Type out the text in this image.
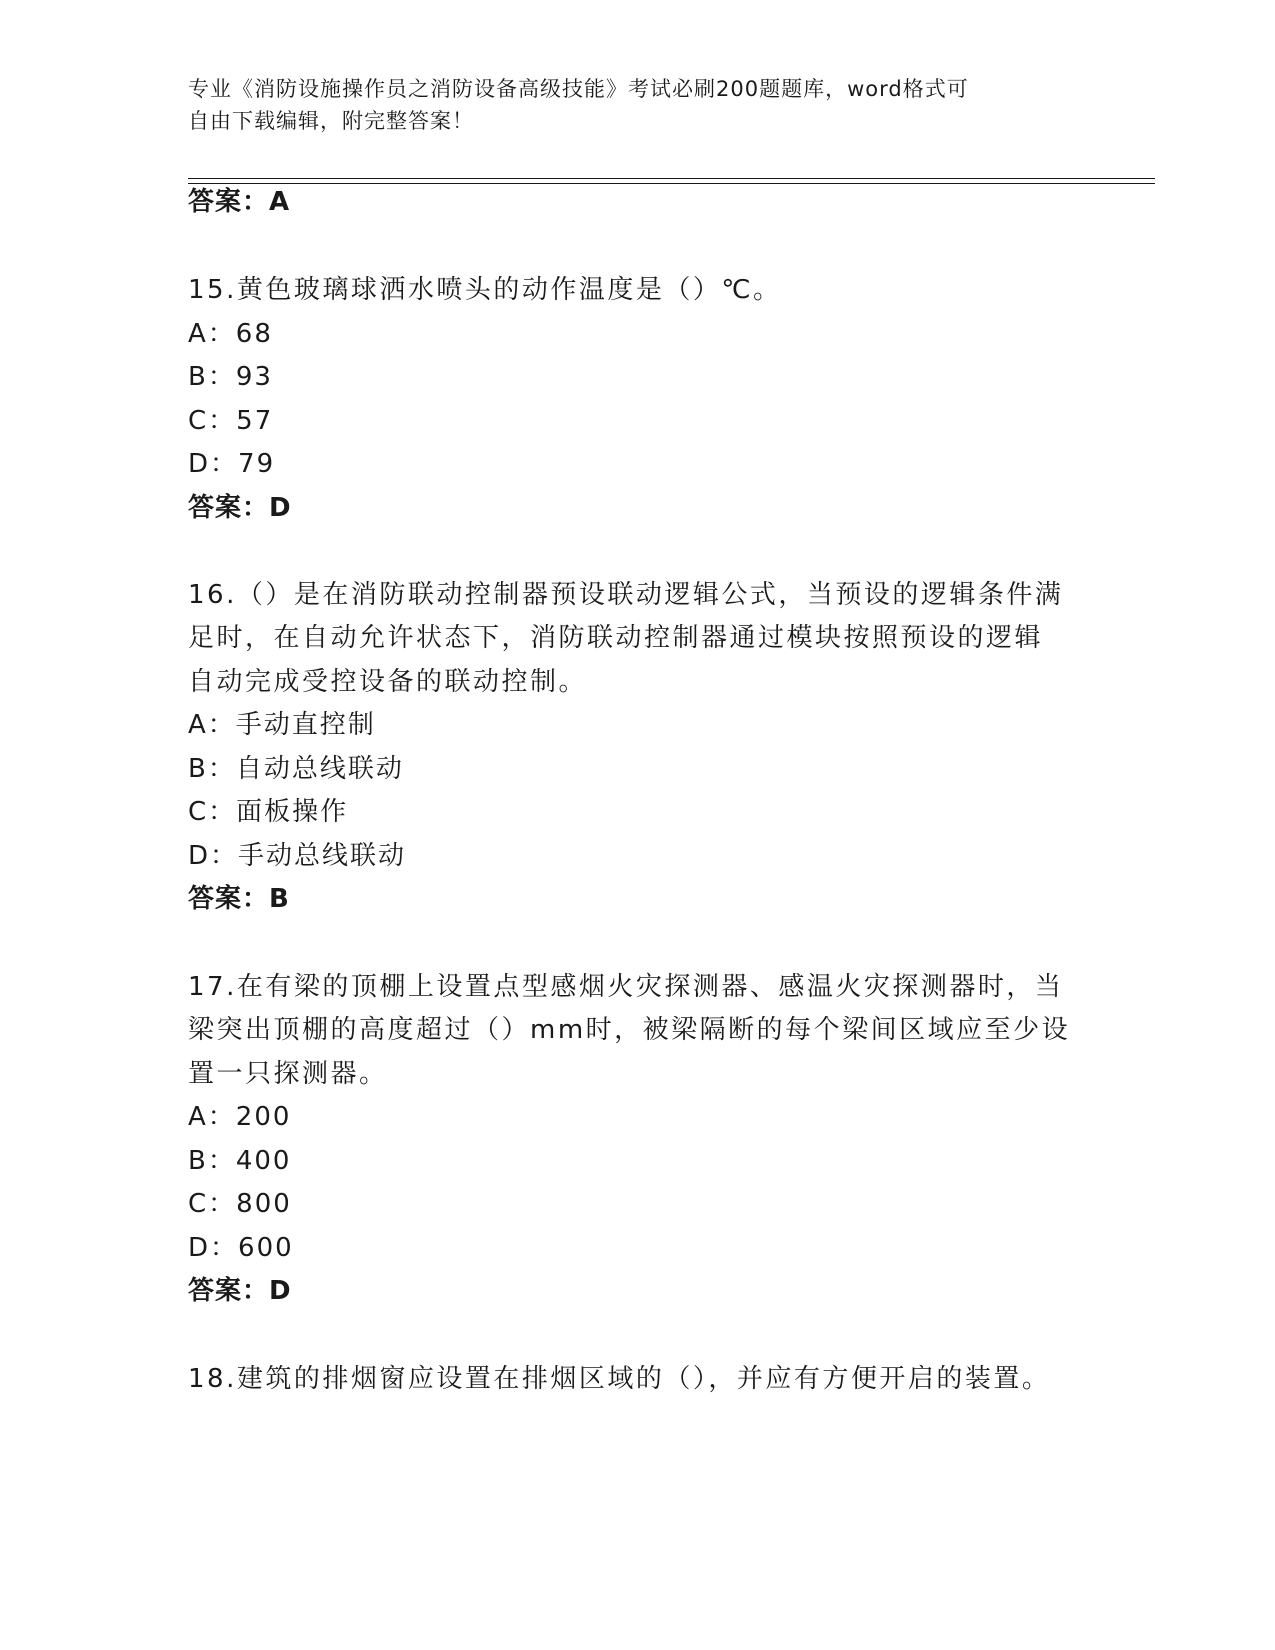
专业《消防设施操作员之消防设备高级技能》考试必刷200题题库，word格式可
自由下载编辑，附完整答案！
答案：A
15.黄色玻璃球洒水喷头的动作温度是（）℃。
A：68
B：93
C：57
D：79
答案：D
16.（）是在消防联动控制器预设联动逻辑公式，当预设的逻辑条件满
足时，在自动允许状态下，消防联动控制器通过模块按照预设的逻辑
自动完成受控设备的联动控制。
A：手动直控制
B：自动总线联动
C：面板操作
D：手动总线联动
答案：B
17.在有梁的顶棚上设置点型感烟火灾探测器、感温火灾探测器时，当
梁突出顶棚的高度超过（）mm时，被梁隔断的每个梁间区域应至少设
置一只探测器。
A：200
B：400
C：800
D：600
答案：D
18.建筑的排烟窗应设置在排烟区域的（），并应有方便开启的装置。
